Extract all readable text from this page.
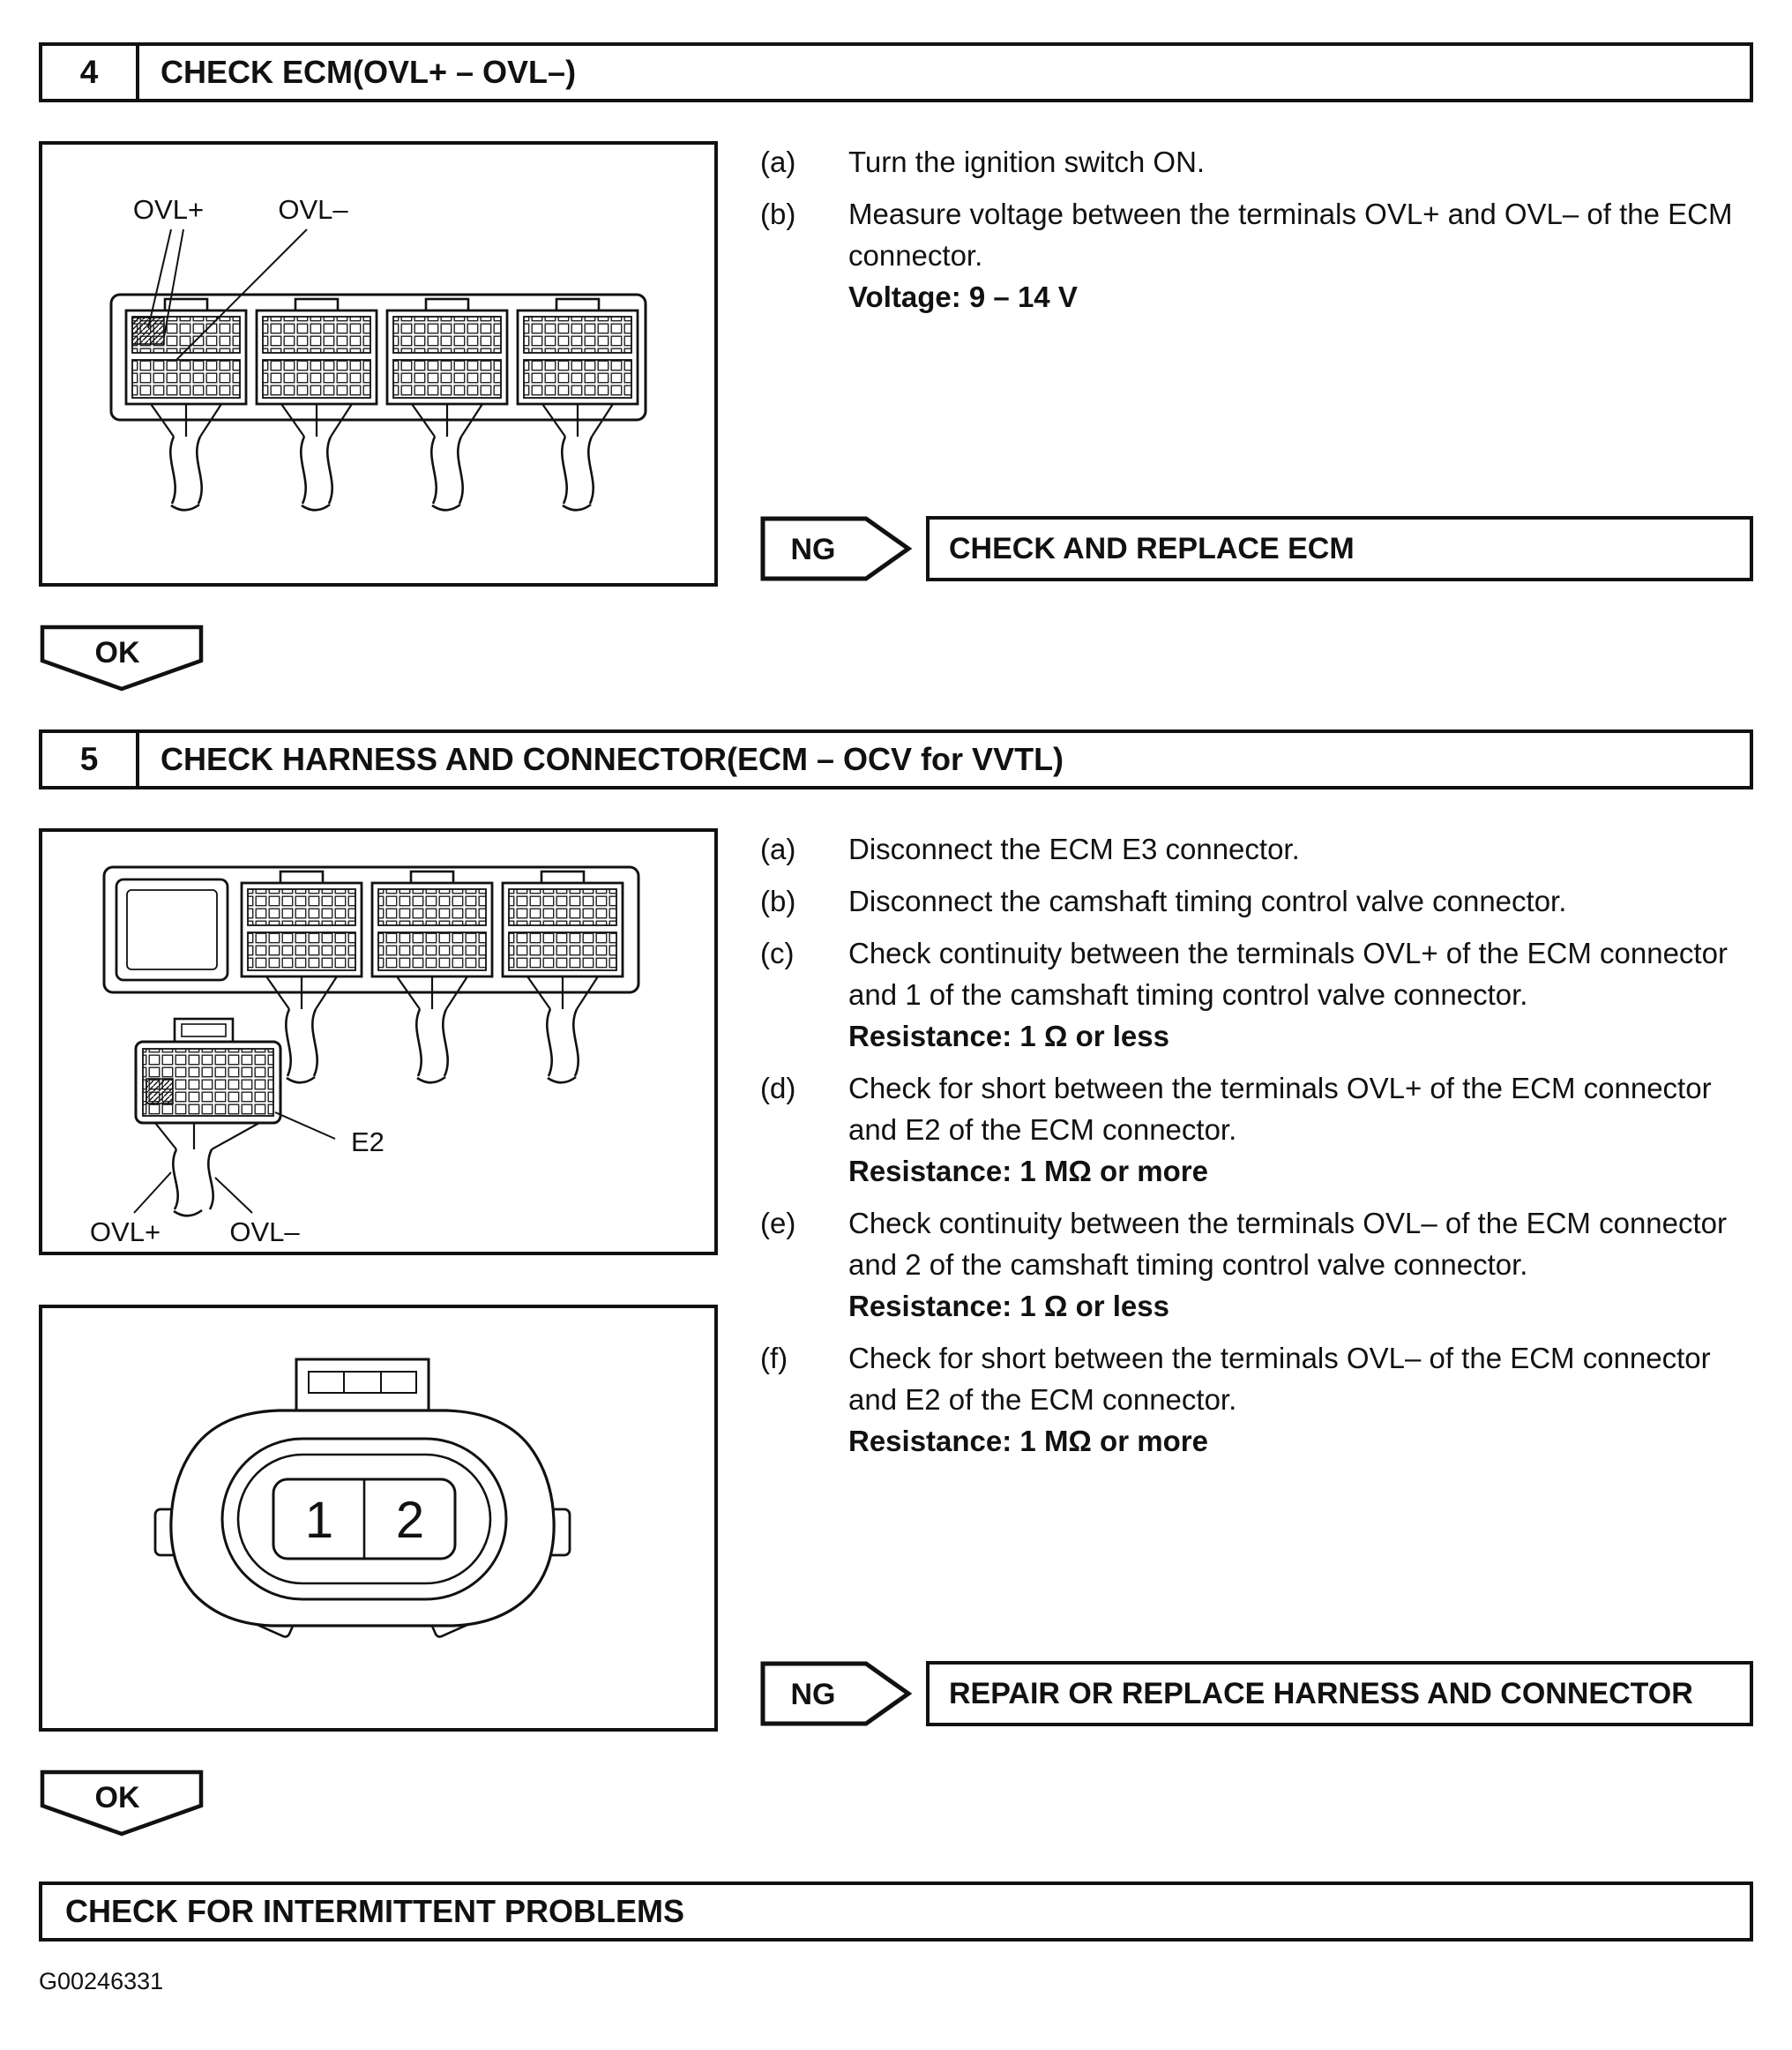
4	CHECK ECM(OVL+ – OVL–)
OVL+	OVL–
(a)	Turn the ignition switch ON.
(b)	Measure voltage between the terminals OVL+ and OVL– of the ECM connector.
Voltage: 9 – 14 V
NG	CHECK AND REPLACE ECM
OK
5	CHECK HARNESS AND CONNECTOR(ECM – OCV for VVTL)
E2
OVL+	OVL–
1 2
(a)	Disconnect the ECM E3 connector.
(b)	Disconnect the camshaft timing control valve connector.
(c)	Check continuity between the terminals OVL+ of the ECM connector and 1 of the camshaft timing control valve connector.
Resistance: 1 Ω or less
(d)	Check for short between the terminals OVL+ of the ECM connector and E2 of the ECM connector.
Resistance: 1 MΩ or more
(e)	Check continuity between the terminals OVL– of the ECM connector and 2 of the camshaft timing control valve connector.
Resistance: 1 Ω or less
(f)	Check for short between the terminals OVL– of the ECM connector and E2 of the ECM connector.
Resistance: 1 MΩ or more
NG	REPAIR OR REPLACE HARNESS AND CONNECTOR
OK
CHECK FOR INTERMITTENT PROBLEMS
G00246331
